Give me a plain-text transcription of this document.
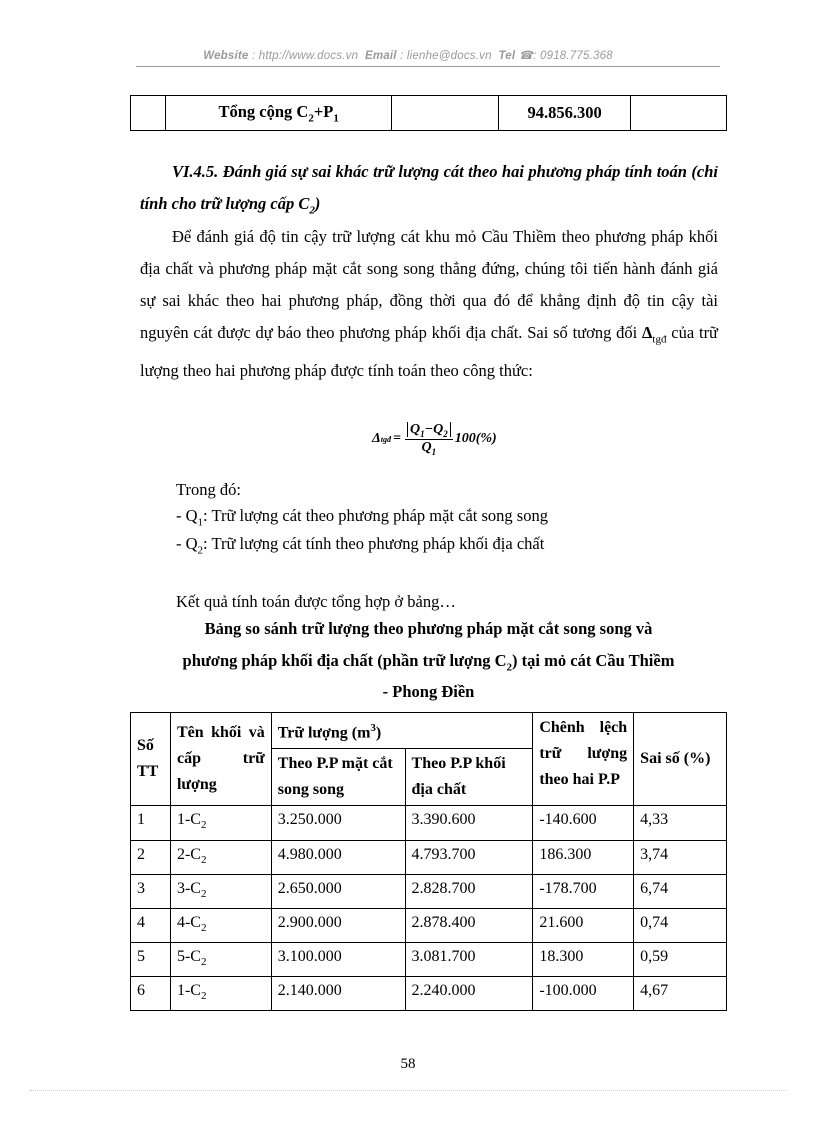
Website : http://www.docs.vn Email : lienhe@docs.vn Tel ☎: 0918.775.368
	Tổng cộng $C_2+P_1$		94.856.300	
VI.4.5. Đánh giá sự sai khác trữ lượng cát theo hai phương pháp tính toán (chỉ tính cho trữ lượng cấp $C_2$)
Để đánh giá độ tin cậy trữ lượng cát khu mỏ Cầu Thiềm theo phương pháp khối địa chất và phương pháp mặt cắt song song thẳng đứng, chúng tôi tiến hành đánh giá sự sai khác theo hai phương pháp, đồng thời qua đó để khẳng định độ tin cậy tài nguyên cát được dự báo theo phương pháp khối địa chất. Sai số tương đối $\Delta_{tgđ}$ của trữ lượng theo hai phương pháp được tính toán theo công thức:
Δ tgđ = $\frac{Q_1-Q_2}{Q_1} 100(\%)$
Trong đó:
- $Q_1$: Trữ lượng cát theo phương pháp mặt cắt song song
- $Q_2$: Trữ lượng cát tính theo phương pháp khối địa chất
Kết quả tính toán được tổng hợp ở bảng…
Bảng so sánh trữ lượng theo phương pháp mặt cắt song song và
phương pháp khối địa chất (phần trữ lượng $C_2$) tại mỏ cát Cầu Thiềm
- Phong Điền
Số TT	Tên khối và cấp trữ lượng	Trữ lượng $(m^3)$		Chênh lệch trữ lượng theo hai P.P	Sai số (%)
		Theo P.P mặt cắt song song	Theo P.P khối địa chất		
1	$1-C_2$	3.250.000	3.390.600	-140.600	4,33
2	$2-C_2$	4.980.000	4.793.700	186.300	3,74
3	$3-C_2$	2.650.000	2.828.700	-178.700	6,74
4	$4-C_2$	2.900.000	2.878.400	21.600	0,74
5	$5-C_2$	3.100.000	3.081.700	18.300	0,59
6	$1-C_2$	2.140.000	2.240.000	-100.000	4,67
58
